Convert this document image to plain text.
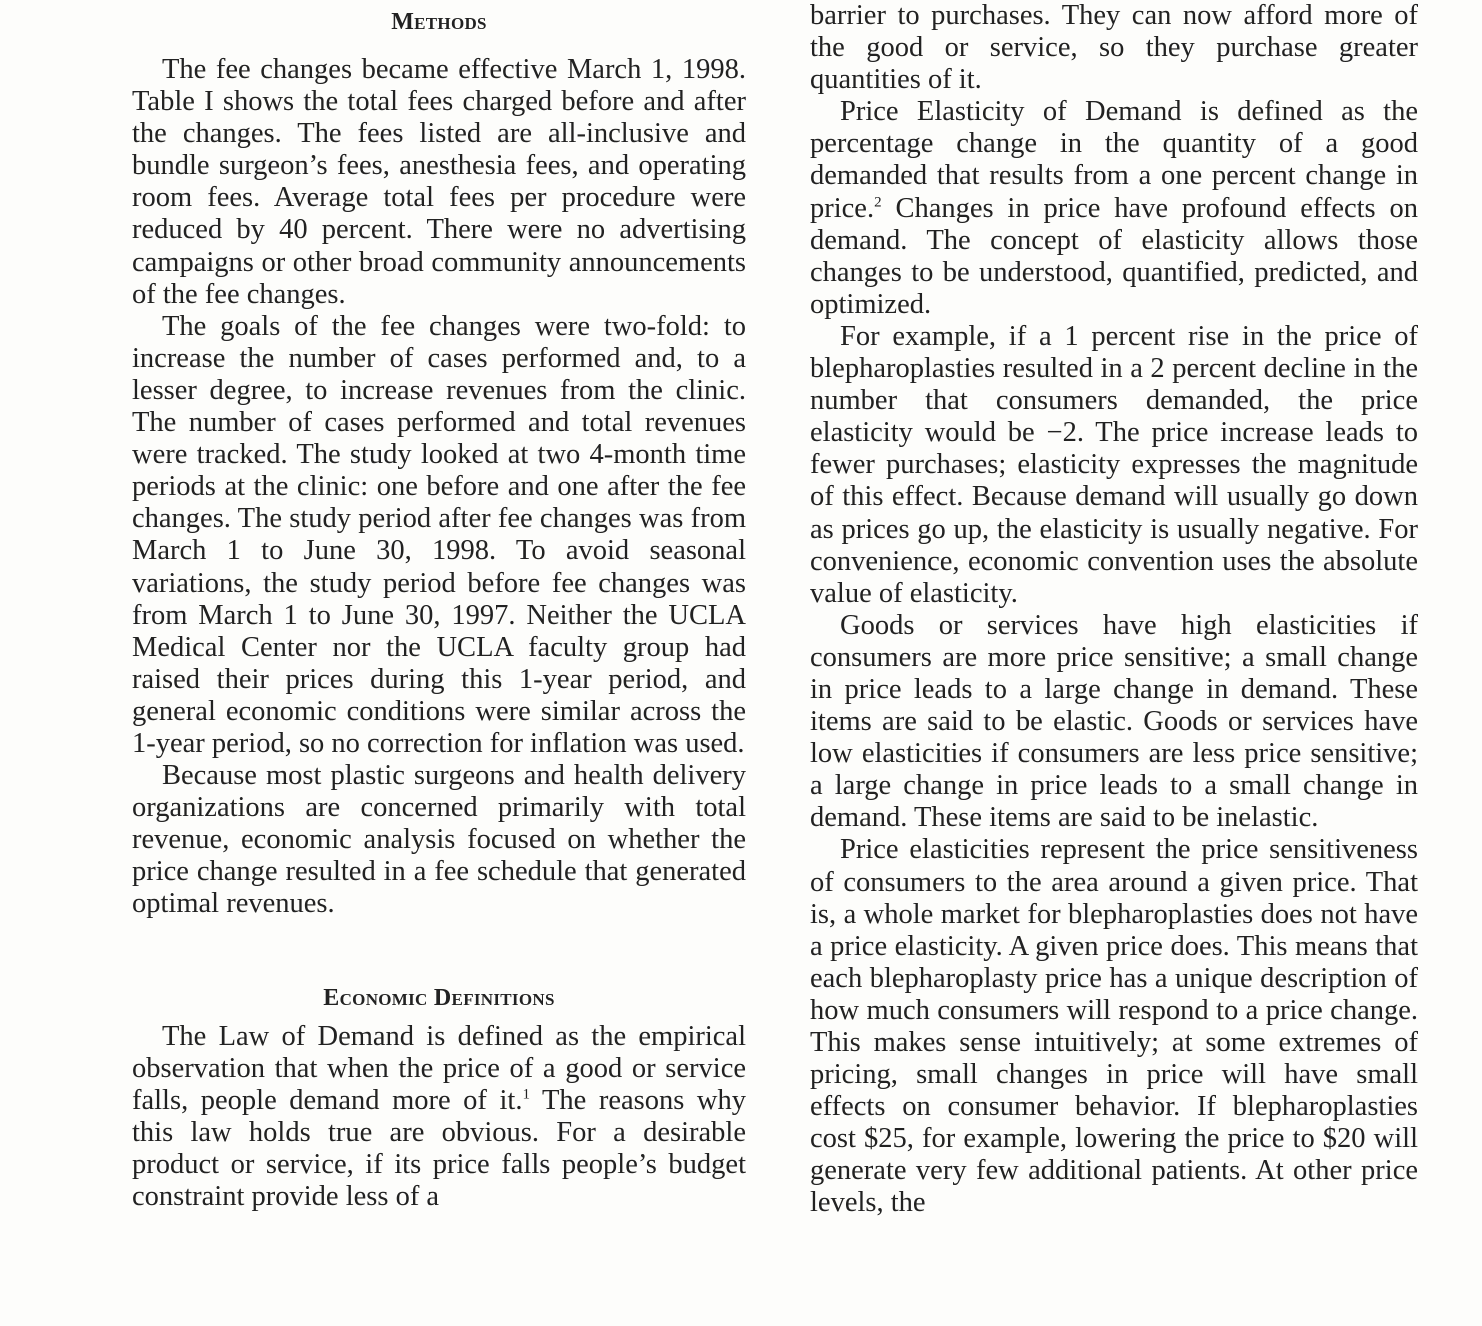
Methods

The fee changes became effective March 1, 1998. Table I shows the total fees charged before and after the changes. The fees listed are all-inclusive and bundle surgeon’s fees, anesthesia fees, and operating room fees. Average total fees per procedure were reduced by 40 percent. There were no advertising campaigns or other broad community announcements of the fee changes.

The goals of the fee changes were two-fold: to increase the number of cases performed and, to a lesser degree, to increase revenues from the clinic. The number of cases performed and total revenues were tracked. The study looked at two 4-month time periods at the clinic: one before and one after the fee changes. The study period after fee changes was from March 1 to June 30, 1998. To avoid seasonal variations, the study period before fee changes was from March 1 to June 30, 1997. Neither the UCLA Medical Center nor the UCLA faculty group had raised their prices during this 1-year period, and general economic conditions were similar across the 1-year period, so no correction for inflation was used.

Because most plastic surgeons and health delivery organizations are concerned primarily with total revenue, economic analysis focused on whether the price change resulted in a fee schedule that generated optimal revenues.

Economic Definitions

The Law of Demand is defined as the empirical observation that when the price of a good or service falls, people demand more of it.$^1$ The reasons why this law holds true are obvious. For a desirable product or service, if its price falls people’s budget constraint provide less of a

barrier to purchases. They can now afford more of the good or service, so they purchase greater quantities of it.

Price Elasticity of Demand is defined as the percentage change in the quantity of a good demanded that results from a one percent change in price.$^2$ Changes in price have profound effects on demand. The concept of elasticity allows those changes to be understood, quantified, predicted, and optimized.

For example, if a 1 percent rise in the price of blepharoplasties resulted in a 2 percent decline in the number that consumers demanded, the price elasticity would be −2. The price increase leads to fewer purchases; elasticity expresses the magnitude of this effect. Because demand will usually go down as prices go up, the elasticity is usually negative. For convenience, economic convention uses the absolute value of elasticity.

Goods or services have high elasticities if consumers are more price sensitive; a small change in price leads to a large change in demand. These items are said to be elastic. Goods or services have low elasticities if consumers are less price sensitive; a large change in price leads to a small change in demand. These items are said to be inelastic.

Price elasticities represent the price sensitiveness of consumers to the area around a given price. That is, a whole market for blepharoplasties does not have a price elasticity. A given price does. This means that each blepharoplasty price has a unique description of how much consumers will respond to a price change. This makes sense intuitively; at some extremes of pricing, small changes in price will have small effects on consumer behavior. If blepharoplasties cost $25, for example, lowering the price to $20 will generate very few additional patients. At other price levels, the
